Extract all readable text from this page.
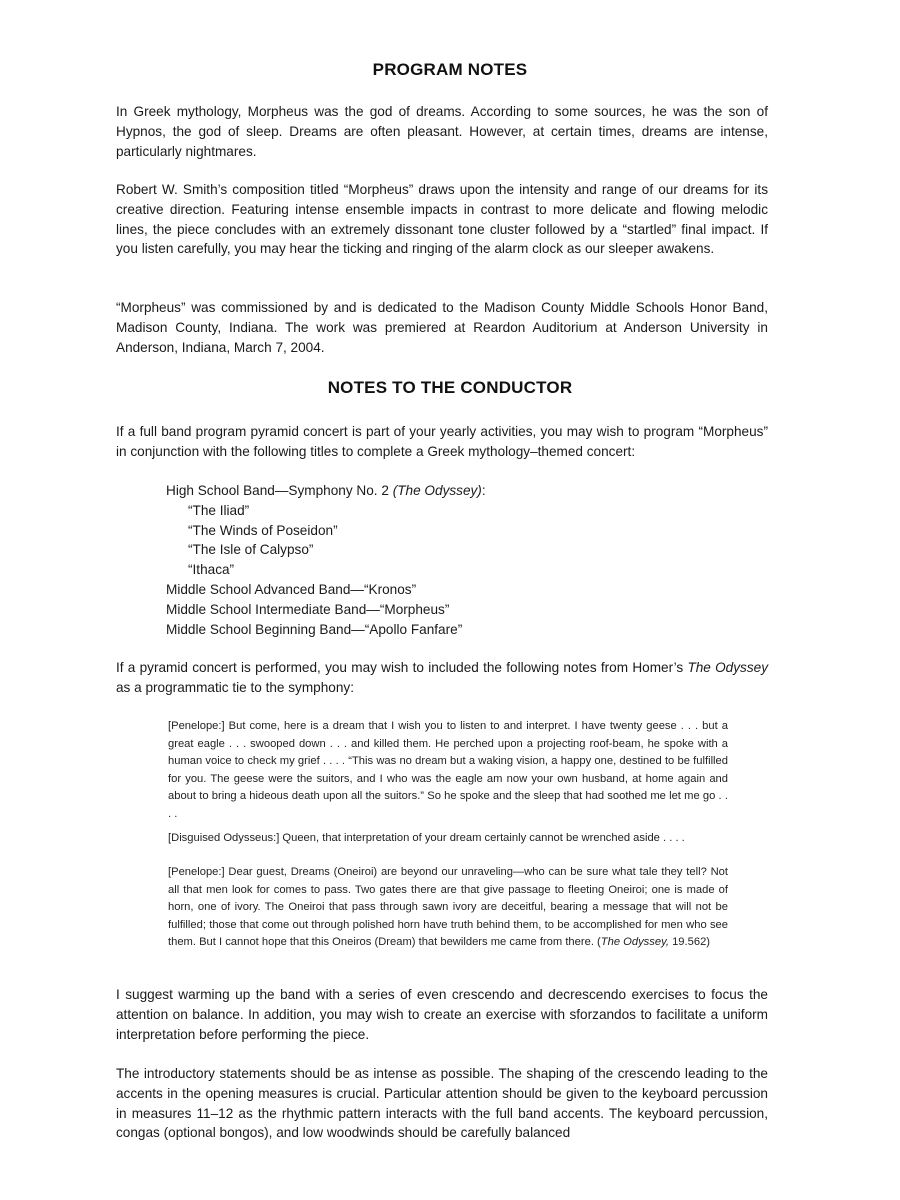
PROGRAM NOTES

In Greek mythology, Morpheus was the god of dreams. According to some sources, he was the son of Hypnos, the god of sleep. Dreams are often pleasant. However, at certain times, dreams are intense, particularly nightmares.

Robert W. Smith’s composition titled “Morpheus” draws upon the intensity and range of our dreams for its creative direction. Featuring intense ensemble impacts in contrast to more delicate and flowing melodic lines, the piece concludes with an extremely dissonant tone cluster followed by a “startled” final impact. If you listen carefully, you may hear the ticking and ringing of the alarm clock as our sleeper awakens.

“Morpheus” was commissioned by and is dedicated to the Madison County Middle Schools Honor Band, Madison County, Indiana. The work was premiered at Reardon Auditorium at Anderson University in Anderson, Indiana, March 7, 2004.

NOTES TO THE CONDUCTOR

If a full band program pyramid concert is part of your yearly activities, you may wish to program “Morpheus” in conjunction with the following titles to complete a Greek mythology–themed concert:

High School Band—Symphony No. 2 (The Odyssey):
“The Iliad”
“The Winds of Poseidon”
“The Isle of Calypso”
“Ithaca”
Middle School Advanced Band—“Kronos”
Middle School Intermediate Band—“Morpheus”
Middle School Beginning Band—“Apollo Fanfare”

If a pyramid concert is performed, you may wish to included the following notes from Homer’s The Odyssey as a programmatic tie to the symphony:

[Penelope:] But come, here is a dream that I wish you to listen to and interpret. I have twenty geese . . . but a great eagle . . . swooped down . . . and killed them. He perched upon a projecting roof-beam, he spoke with a human voice to check my grief . . . . “This was no dream but a waking vision, a happy one, destined to be fulfilled for you. The geese were the suitors, and I who was the eagle am now your own husband, at home again and about to bring a hideous death upon all the suitors.” So he spoke and the sleep that had soothed me let me go . . . .

[Disguised Odysseus:] Queen, that interpretation of your dream certainly cannot be wrenched aside . . . .

[Penelope:] Dear guest, Dreams (Oneiroi) are beyond our unraveling—who can be sure what tale they tell? Not all that men look for comes to pass. Two gates there are that give passage to fleeting Oneiroi; one is made of horn, one of ivory. The Oneiroi that pass through sawn ivory are deceitful, bearing a message that will not be fulfilled; those that come out through polished horn have truth behind them, to be accomplished for men who see them. But I cannot hope that this Oneiros (Dream) that bewilders me came from there. (The Odyssey, 19.562)

I suggest warming up the band with a series of even crescendo and decrescendo exercises to focus the attention on balance. In addition, you may wish to create an exercise with sforzandos to facilitate a uniform interpretation before performing the piece.

The introductory statements should be as intense as possible. The shaping of the crescendo leading to the accents in the opening measures is crucial. Particular attention should be given to the keyboard percussion in measures 11–12 as the rhythmic pattern interacts with the full band accents. The keyboard percussion, congas (optional bongos), and low woodwinds should be carefully balanced
